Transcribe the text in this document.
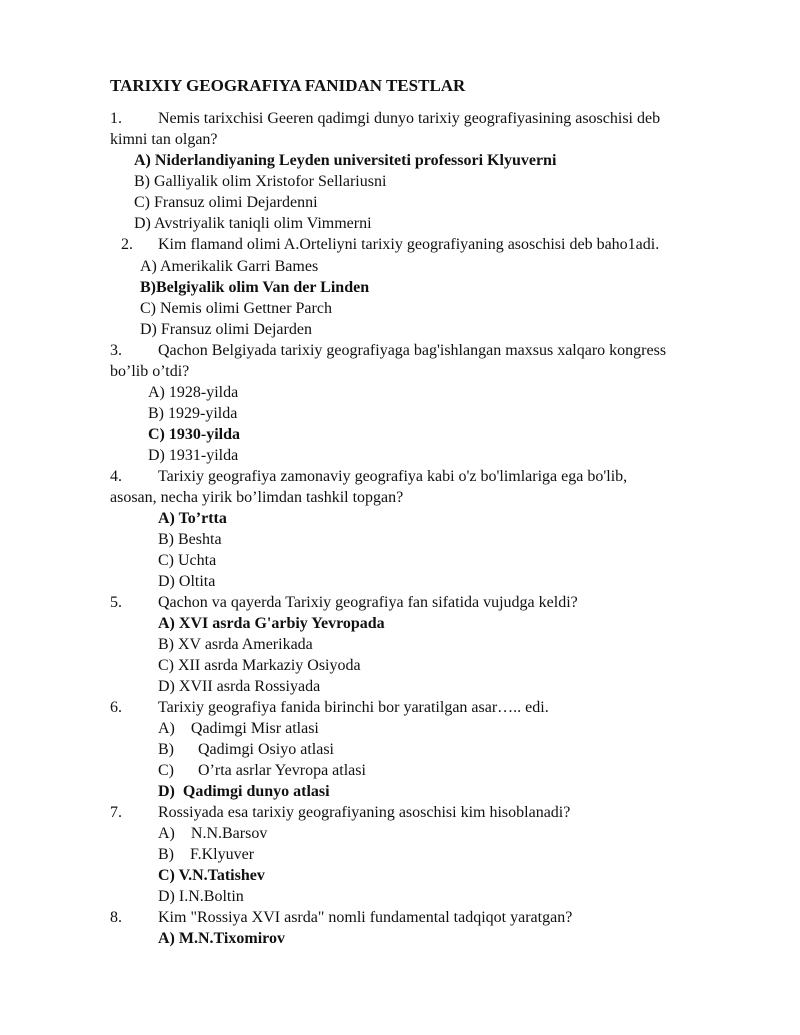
TARIXIY GEOGRAFIYA FANIDAN TESTLAR
1. Nemis tarixchisi Geeren qadimgi dunyo tarixiy geografiyasining asoschisi deb
kimni tan olgan?
A) Niderlandiyaning Leyden universiteti professori Klyuverni
B) Galliyalik olim Xristofor Sellariusni
C) Fransuz olimi Dejardenni
D) Avstriyalik taniqli olim Vimmerni
2. Kim flamand olimi A.Orteliyni tarixiy geografiyaning asoschisi deb baho1adi.
A) Amerikalik Garri Bames
B)Belgiyalik olim Van der Linden
C) Nemis olimi Gettner Parch
D) Fransuz olimi Dejarden
3. Qachon Belgiyada tarixiy geografiyaga bag'ishlangan maxsus xalqaro kongress
bo’lib o’tdi?
A) 1928-yilda
B) 1929-yilda
C) 1930-yilda
D) 1931-yilda
4. Tarixiy geografiya zamonaviy geografiya kabi o'z bo'limlariga ega bo'lib,
asosan, necha yirik bo’limdan tashkil topgan?
A) To’rtta
B) Beshta
C) Uchta
D) Oltita
5. Qachon va qayerda Tarixiy geografiya fan sifatida vujudga keldi?
A) XVI asrda G'arbiy Yevropada
B) XV asrda Amerikada
C) XII asrda Markaziy Osiyoda
D) XVII asrda Rossiyada
6. Tarixiy geografiya fanida birinchi bor yaratilgan asar….. edi.
A)    Qadimgi Misr atlasi
B)      Qadimgi Osiyo atlasi
C)      O’rta asrlar Yevropa atlasi
D)  Qadimgi dunyo atlasi
7. Rossiyada esa tarixiy geografiyaning asoschisi kim hisoblanadi?
A)    N.N.Barsov
B)    F.Klyuver
C) V.N.Tatishev
D) I.N.Boltin
8. Kim "Rossiya XVI asrda" nomli fundamental tadqiqot yaratgan?
A) M.N.Tixomirov
